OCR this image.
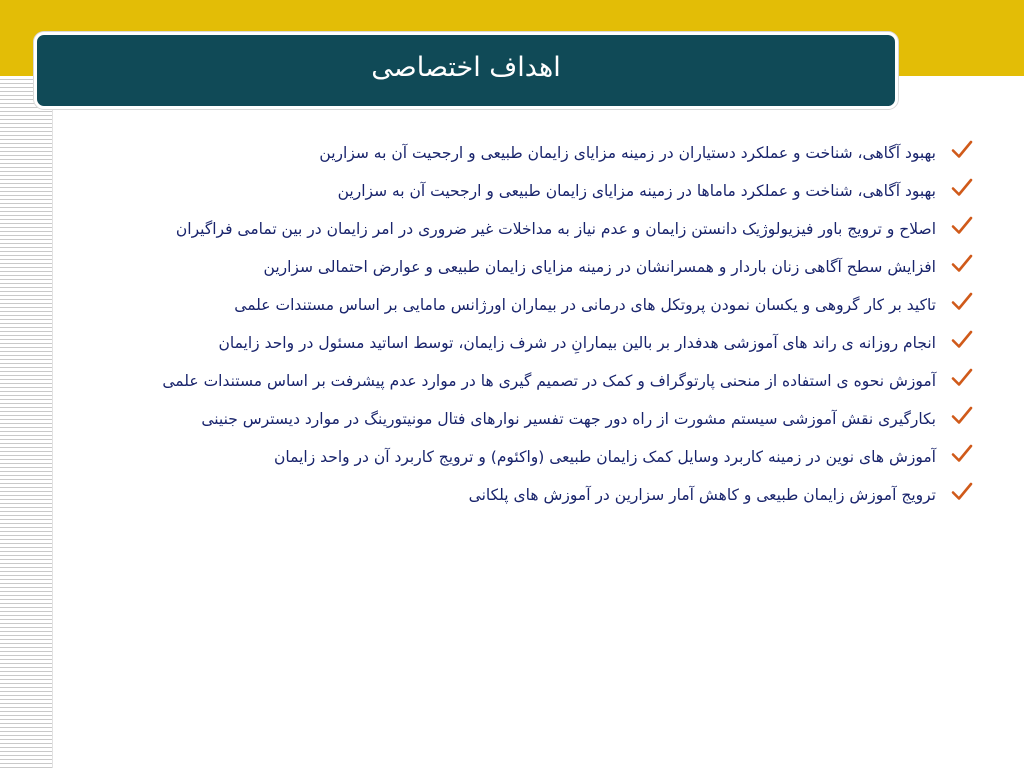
اهداف اختصاصی
بهبود آگاهی، شناخت و عملکرد دستیاران در زمینه مزایای زایمان طبیعی و ارجحیت آن به سزارین
بهبود آگاهی، شناخت و عملکرد ماماها در زمینه مزایای زایمان طبیعی و ارجحیت آن به سزارین
اصلاح و ترویج باور فیزیولوژیک دانستن زایمان و عدم نیاز به مداخلات غیر ضروری در امر زایمان در بین تمامی فراگیران
افزایش سطح آگاهی زنان باردار و همسرانشان در زمینه مزایای زایمان طبیعی و عوارض احتمالی سزارین
تاکید بر کار گروهی و یکسان نمودن پروتکل های درمانی در بیماران اورژانس مامایی بر اساس مستندات علمی
انجام روزانه ی راند های آموزشی هدفدار بر بالین بیمارانِ در شرف زایمان، توسط اساتید مسئول در واحد زایمان
آموزش نحوه ی استفاده از منحنی پارتوگراف و کمک در تصمیم گیری ها در موارد عدم پیشرفت بر اساس مستندات علمی
بکارگیری نقش آموزشی سیستم مشورت از راه دور جهت تفسیر نوارهای فتال مونیتورینگ در موارد دیسترس جنینی
آموزش های نوین در زمینه کاربرد وسایل کمک زایمان طبیعی (واکئوم) و ترویج کاربرد آن در واحد زایمان
ترویج آموزش زایمان طبیعی و کاهش آمار سزارین در آموزش های پلکانی
